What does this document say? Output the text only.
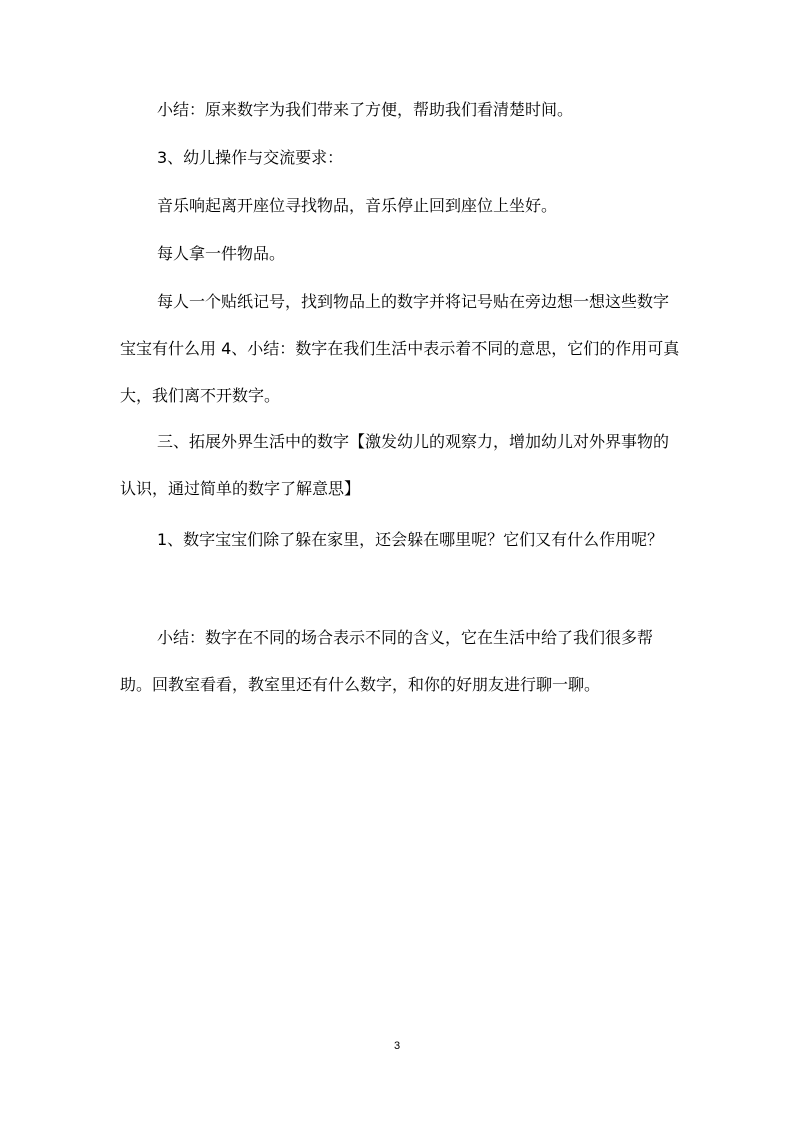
小结：原来数字为我们带来了方便，帮助我们看清楚时间。

3、幼儿操作与交流要求：

音乐响起离开座位寻找物品，音乐停止回到座位上坐好。

每人拿一件物品。

每人一个贴纸记号，找到物品上的数字并将记号贴在旁边想一想这些数字宝宝有什么用 4、小结：数字在我们生活中表示着不同的意思，它们的作用可真大，我们离不开数字。

三、拓展外界生活中的数字【激发幼儿的观察力，增加幼儿对外界事物的认识，通过简单的数字了解意思】

1、数字宝宝们除了躲在家里，还会躲在哪里呢？它们又有什么作用呢？

小结：数字在不同的场合表示不同的含义，它在生活中给了我们很多帮助。回教室看看，教室里还有什么数字，和你的好朋友进行聊一聊。

3
